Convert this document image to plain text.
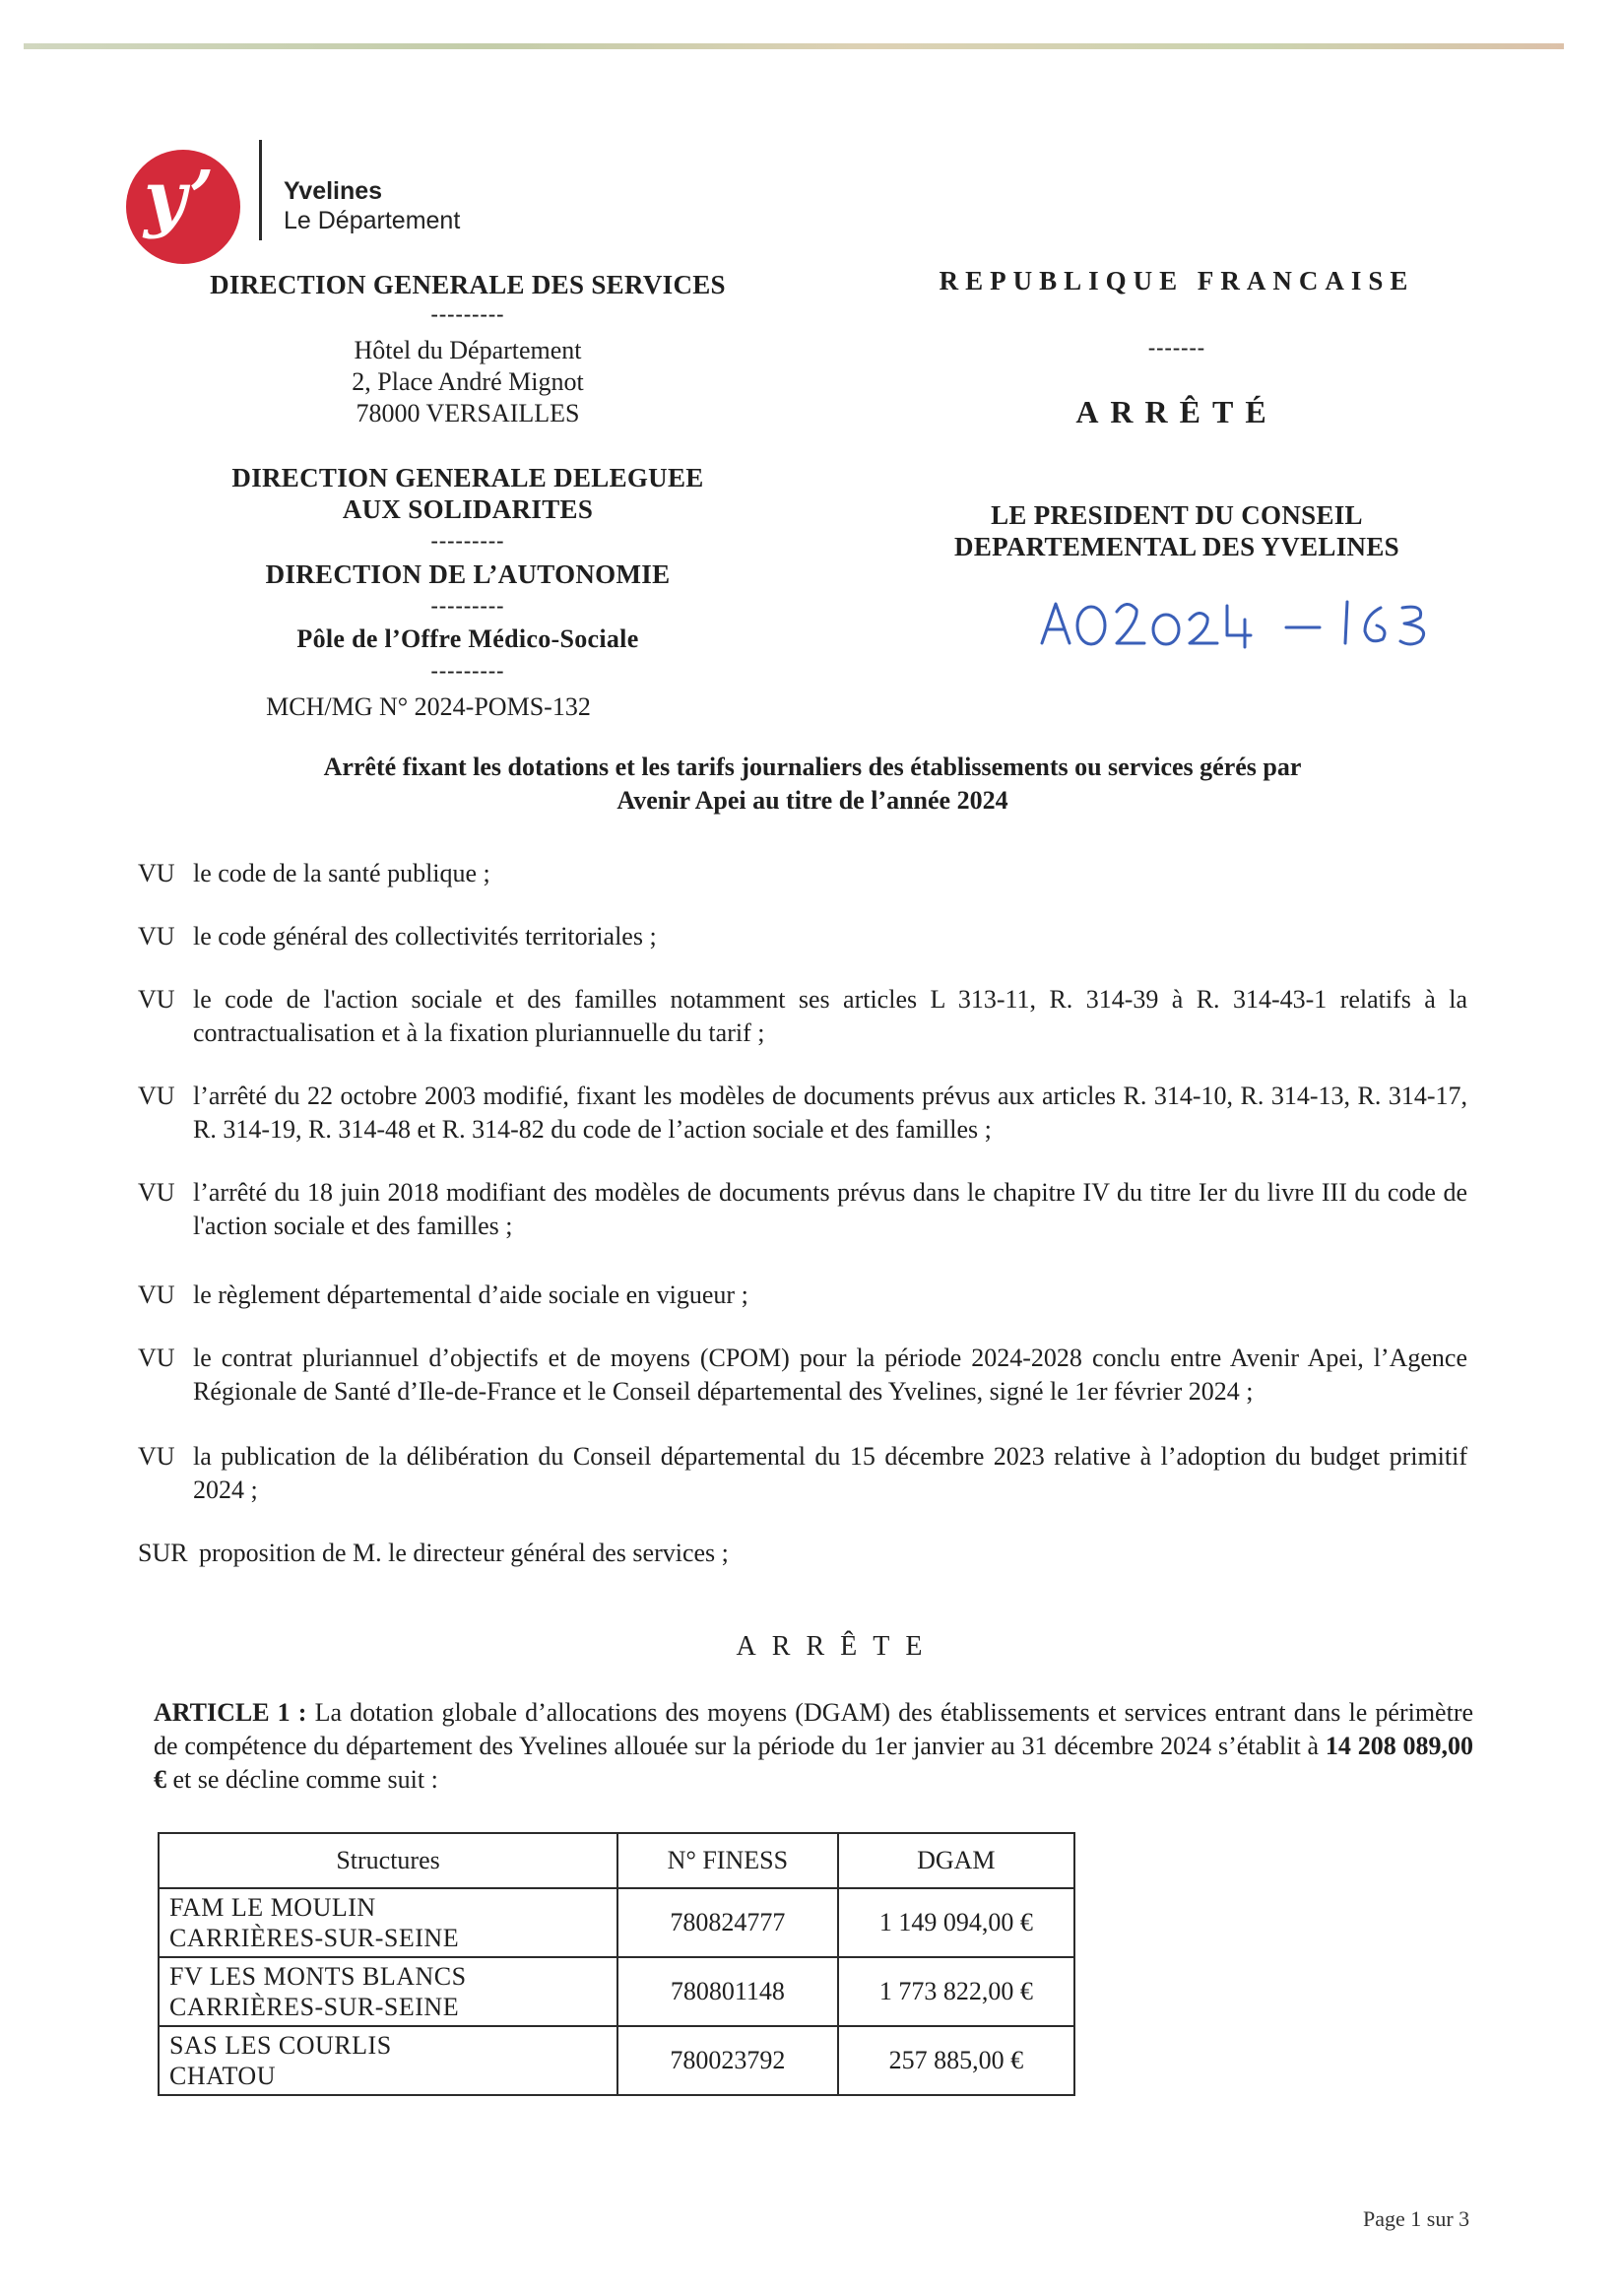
y’	Yvelines
Le Département
DIRECTION GENERALE DES SERVICES
---------
Hôtel du Département
2, Place André Mignot
78000 VERSAILLES
DIRECTION GENERALE DELEGUEE
AUX SOLIDARITES
---------
DIRECTION DE L’AUTONOMIE
---------
Pôle de l’Offre Médico-Sociale
---------
MCH/MG N° 2024-POMS-132
REPUBLIQUE FRANCAISE
-------
ARRÊTÉ
LE PRESIDENT DU CONSEIL
DEPARTEMENTAL DES YVELINES
Arrêté fixant les dotations et les tarifs journaliers des établissements ou services gérés par
Avenir Apei au titre de l’année 2024
VU le code de la santé publique ;
VU le code général des collectivités territoriales ;
VU le code de l'action sociale et des familles notamment ses articles L 313-11, R. 314-39 à R. 314-43-1 relatifs à la contractualisation et à la fixation pluriannuelle du tarif ;
VU l’arrêté du 22 octobre 2003 modifié, fixant les modèles de documents prévus aux articles R. 314-10, R. 314-13, R. 314-17, R. 314-19, R. 314-48 et R. 314-82 du code de l’action sociale et des familles ;
VU l’arrêté du 18 juin 2018 modifiant des modèles de documents prévus dans le chapitre IV du titre Ier du livre III du code de l'action sociale et des familles ;
VU le règlement départemental d’aide sociale en vigueur ;
VU le contrat pluriannuel d’objectifs et de moyens (CPOM) pour la période 2024-2028 conclu entre Avenir Apei, l’Agence Régionale de Santé d’Ile-de-France et le Conseil départemental des Yvelines, signé le 1er février 2024 ;
VU la publication de la délibération du Conseil départemental du 15 décembre 2023 relative à l’adoption du budget primitif 2024 ;
SUR proposition de M. le directeur général des services ;
ARRÊTE
ARTICLE 1 : La dotation globale d’allocations des moyens (DGAM) des établissements et services entrant dans le périmètre de compétence du département des Yvelines allouée sur la période du 1er janvier au 31 décembre 2024 s’établit à 14 208 089,00 € et se décline comme suit :
Structures	N° FINESS	DGAM

FAM LE MOULIN
CARRIÈRES-SUR-SEINE	780824777	1 149 094,00 €

FV LES MONTS BLANCS
CARRIÈRES-SUR-SEINE	780801148	1 773 822,00 €

SAS LES COURLIS
CHATOU	780023792	257 885,00 €
Page 1 sur 3
